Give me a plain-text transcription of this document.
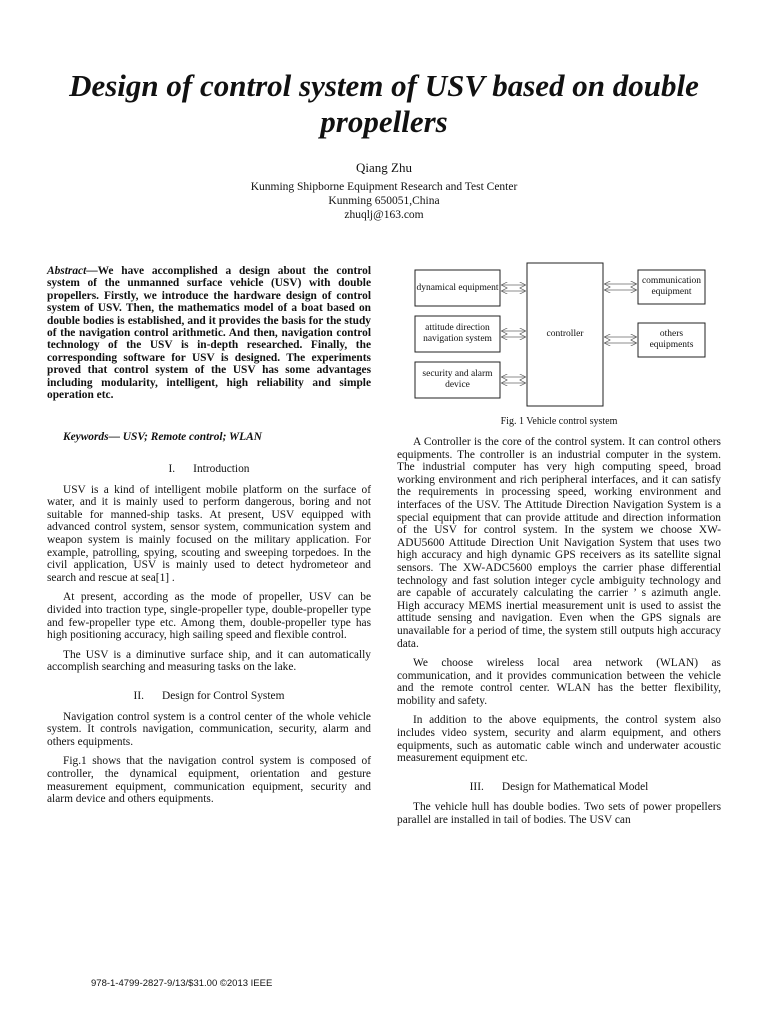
Design of control system of USV based on double propellers
Qiang Zhu
Kunming Shipborne Equipment Research and Test Center
Kunming 650051,China
zhuqlj@163.com

Abstract—We have accomplished a design about the control system of the unmanned surface vehicle (USV) with double propellers. Firstly, we introduce the hardware design of control system of USV. Then, the mathematics model of a boat based on double bodies is established, and it provides the basis for the study of the navigation control arithmetic. And then, navigation control technology of the USV is in-depth researched. Finally, the corresponding software for USV is designed. The experiments proved that control system of the USV has some advantages including modularity, intelligent, high reliability and simple operation etc.

Keywords— USV; Remote control; WLAN

I. Introduction

USV is a kind of intelligent mobile platform on the surface of water, and it is mainly used to perform dangerous, boring and not suitable for manned-ship tasks. At present, USV equipped with advanced control system, sensor system, communication system and weapon system is mainly focused on the military application. For example, patrolling, spying, scouting and sweeping torpedoes. In the civil application, USV is mainly used to detect hydrometeor and search and rescue at sea[1] .

At present, according as the mode of propeller, USV can be divided into traction type, single-propeller type, double-propeller type and few-propeller type etc. Among them, double-propeller type has high positioning accuracy, high sailing speed and flexible control.

The USV is a diminutive surface ship, and it can automatically accomplish searching and measuring tasks on the lake.

II. Design for Control System

Navigation control system is a control center of the whole vehicle system. It controls navigation, communication, security, alarm and others equipments.

Fig.1 shows that the navigation control system is composed of controller, the dynamical equipment, orientation and gesture measurement equipment, communication equipment, security and alarm device and others equipments.

dynamical equipment
attitude direction navigation system
security and alarm device
controller
communication equipment
others equipments
Fig. 1 Vehicle control system

A Controller is the core of the control system. It can control others equipments. The controller is an industrial computer in the system. The industrial computer has very high computing speed, broad working environment and rich peripheral interfaces, and it can satisfy the requirements in processing speed, working environment and interfaces of the USV. The Attitude Direction Navigation System is a special equipment that can provide attitude and direction information of the USV for control system. In the system we choose XW-ADU5600 Attitude Direction Unit Navigation System that uses two high accuracy and high dynamic GPS receivers as its satellite signal sensors. The XW-ADC5600 employs the carrier phase differential technology and fast solution integer cycle ambiguity technology and are capable of accurately calculating the carrier ’ s azimuth angle. High accuracy MEMS inertial measurement unit is used to assist the attitude sensing and navigation. Even when the GPS signals are unavailable for a period of time, the system still outputs high accuracy data.

We choose wireless local area network (WLAN) as communication, and it provides communication between the vehicle and the remote control center. WLAN has the better flexibility, mobility and safety.

In addition to the above equipments, the control system also includes video system, security and alarm equipment, and others equipments, such as automatic cable winch and underwater acoustic measurement equipment etc.

III. Design for Mathematical Model

The vehicle hull has double bodies. Two sets of power propellers parallel are installed in tail of bodies. The USV can

978-1-4799-2827-9/13/$31.00 ©2013 IEEE
